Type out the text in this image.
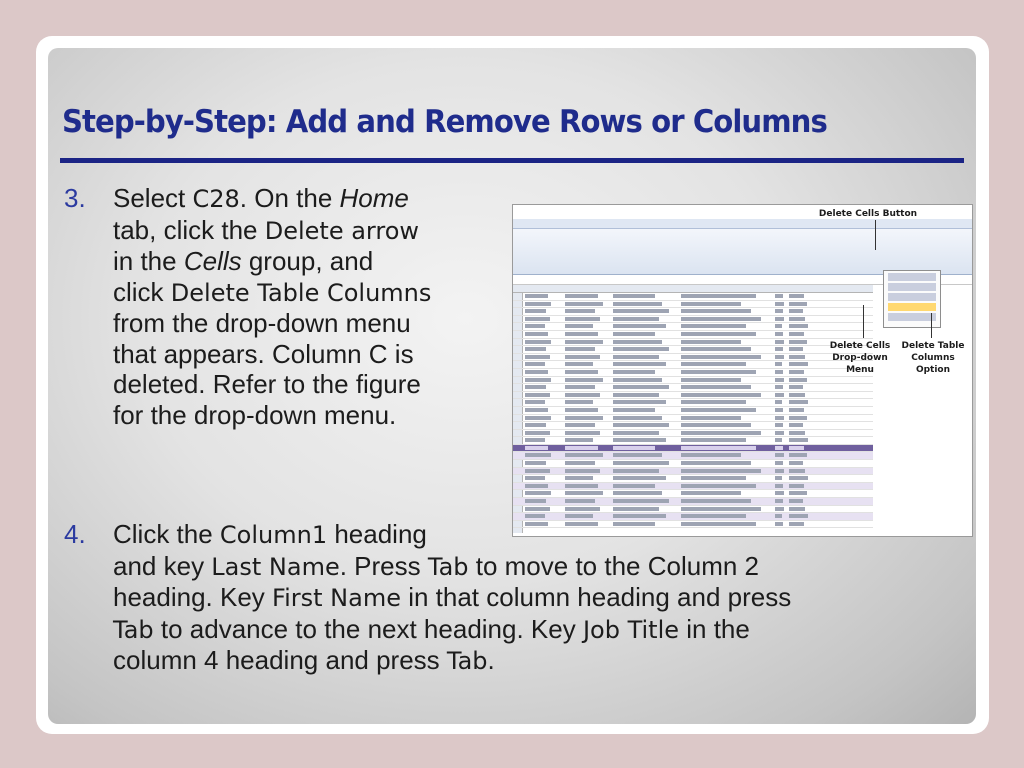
Step-by-Step: Add and Remove Rows or Columns
3. Select C28. On the Home
tab, click the Delete arrow
in the Cells group, and
click Delete Table Columns
from the drop-down menu
that appears. Column C is
deleted. Refer to the figure
for the drop-down menu.
4. Click the Column1 heading
and key Last Name. Press Tab to move to the Column 2
heading. Key First Name in that column heading and press
Tab to advance to the next heading. Key Job Title in the
column 4 heading and press Tab.
Delete Cells Button
Delete Cells
Drop-down
Menu
Delete Table
Columns
Option
